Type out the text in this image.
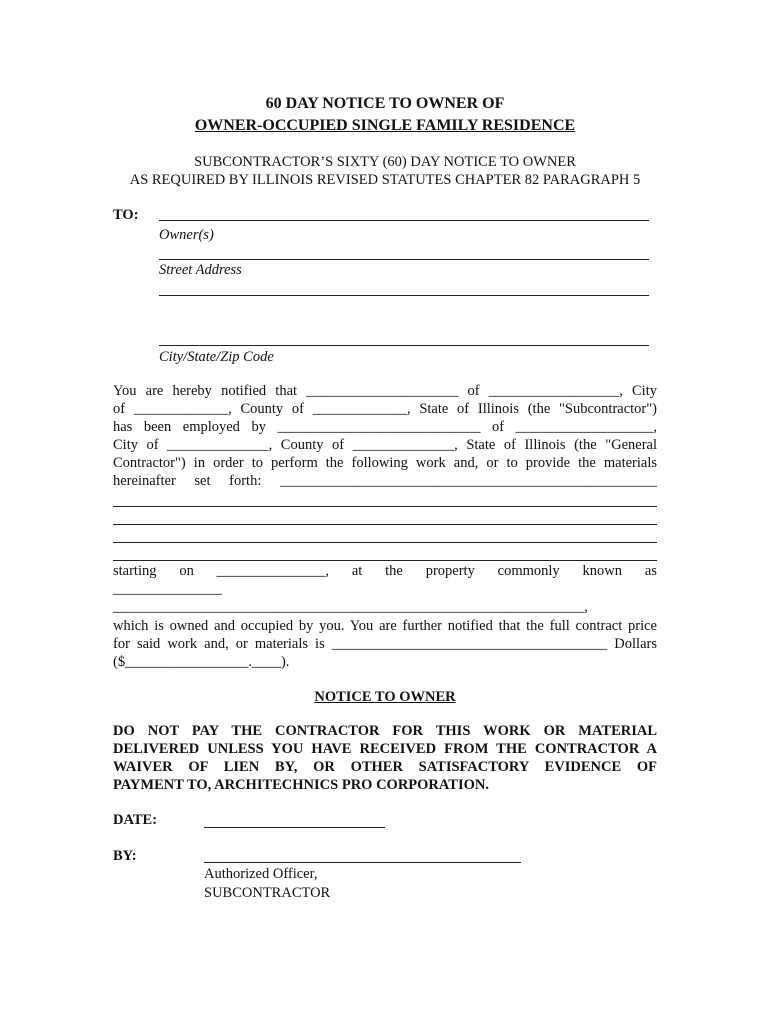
60 DAY NOTICE TO OWNER OF
OWNER-OCCUPIED SINGLE FAMILY RESIDENCE
SUBCONTRACTOR’S SIXTY (60) DAY NOTICE TO OWNER
AS REQUIRED BY ILLINOIS REVISED STATUTES CHAPTER 82 PARAGRAPH 5
TO:
Owner(s)
Street Address
City/State/Zip Code
You are hereby notified that _____________________ of __________________, City
of _____________, County of _____________, State of Illinois (the "Subcontractor")
has been employed by ____________________________ of ___________________,
City of ______________, County of ______________, State of Illinois (the "General
Contractor") in order to perform the following work and, or to provide the materials
hereinafter set forth: ____________________________________________________
starting on _______________, at the property commonly known as
_______________
_________________________________________________________________,
which is owned and occupied by you. You are further notified that the full contract price
for said work and, or materials is ______________________________________ Dollars
($_________________.____).
NOTICE TO OWNER
DO NOT PAY THE CONTRACTOR FOR THIS WORK OR MATERIAL
DELIVERED UNLESS YOU HAVE RECEIVED FROM THE CONTRACTOR A
WAIVER OF LIEN BY, OR OTHER SATISFACTORY EVIDENCE OF
PAYMENT TO, ARCHITECHNICS PRO CORPORATION.
DATE:
BY:
Authorized Officer,
SUBCONTRACTOR
